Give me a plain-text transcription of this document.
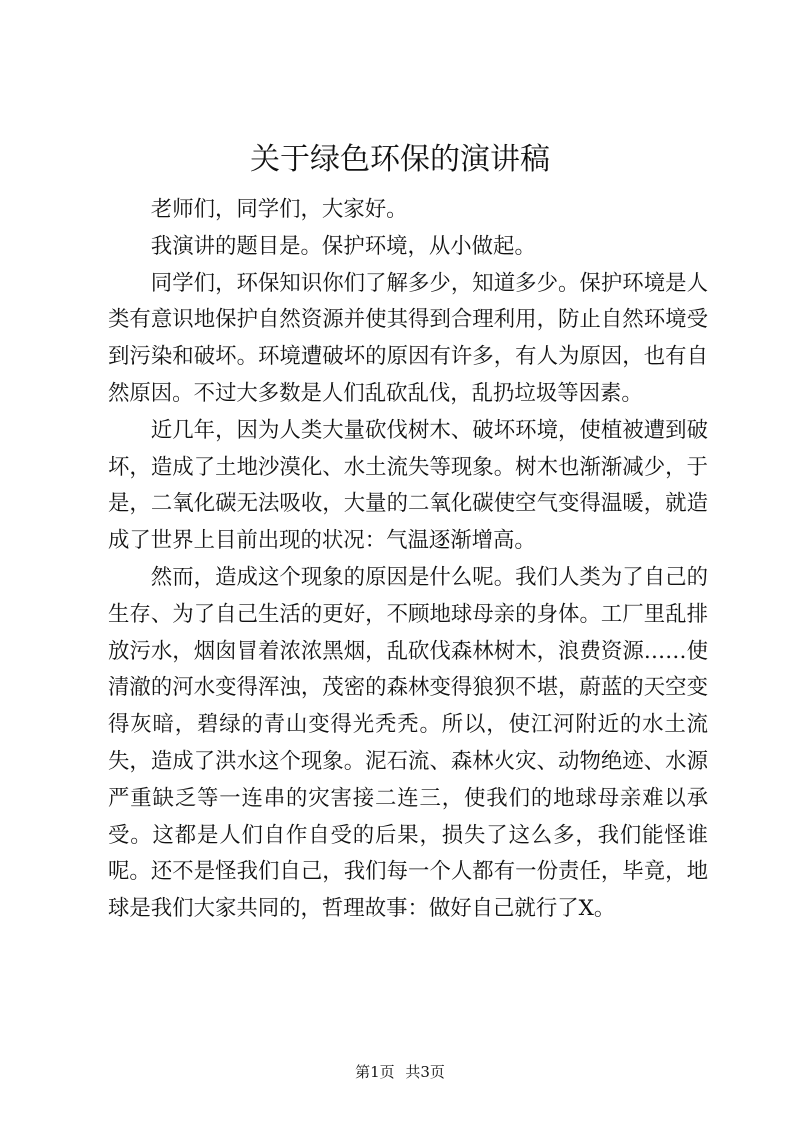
关于绿色环保的演讲稿

老师们，同学们，大家好。

我演讲的题目是。保护环境，从小做起。

同学们，环保知识你们了解多少，知道多少。保护环境是人类有意识地保护自然资源并使其得到合理利用，防止自然环境受到污染和破坏。环境遭破坏的原因有许多，有人为原因，也有自然原因。不过大多数是人们乱砍乱伐，乱扔垃圾等因素。

近几年，因为人类大量砍伐树木、破坏环境，使植被遭到破坏，造成了土地沙漠化、水土流失等现象。树木也渐渐减少，于是，二氧化碳无法吸收，大量的二氧化碳使空气变得温暖，就造成了世界上目前出现的状况：气温逐渐增高。

然而，造成这个现象的原因是什么呢。我们人类为了自己的生存、为了自己生活的更好，不顾地球母亲的身体。工厂里乱排放污水，烟囱冒着浓浓黑烟，乱砍伐森林树木，浪费资源……使清澈的河水变得浑浊，茂密的森林变得狼狈不堪，蔚蓝的天空变得灰暗，碧绿的青山变得光秃秃。所以，使江河附近的水土流失，造成了洪水这个现象。泥石流、森林火灾、动物绝迹、水源严重缺乏等一连串的灾害接二连三，使我们的地球母亲难以承受。这都是人们自作自受的后果，损失了这么多，我们能怪谁呢。还不是怪我们自己，我们每一个人都有一份责任，毕竟，地球是我们大家共同的，哲理故事：做好自己就行了X。

第1页 共3页
